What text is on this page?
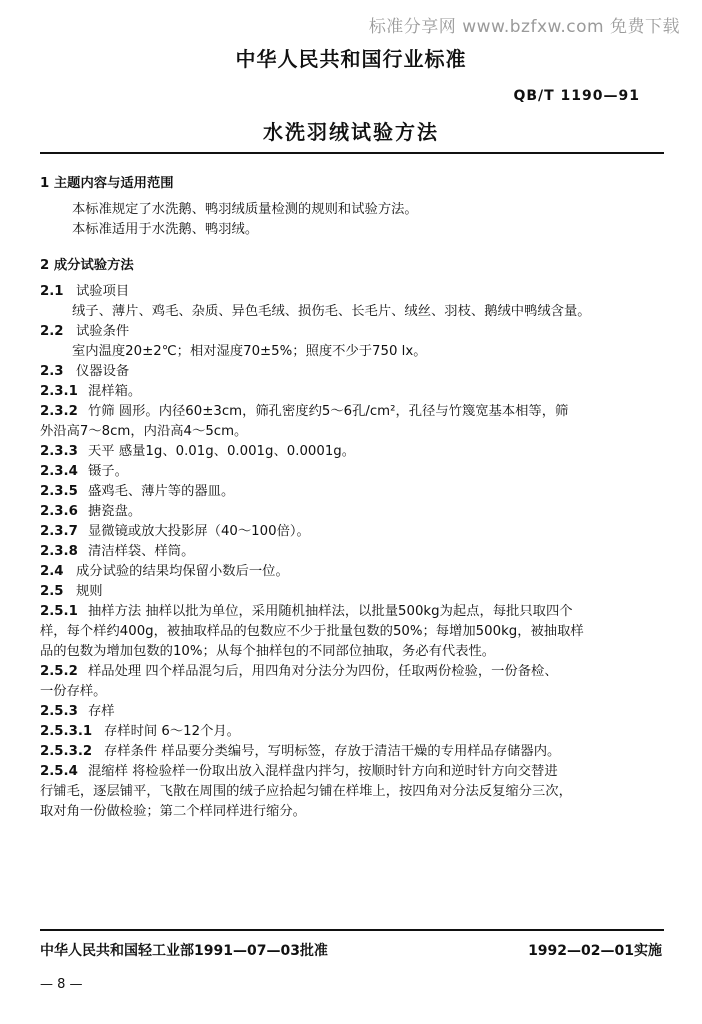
标准分享网 www.bzfxw.com 免费下载
中华人民共和国行业标准
QB/T 1190—91
水洗羽绒试验方法

1 主题内容与适用范围

本标准规定了水洗鹅、鸭羽绒质量检测的规则和试验方法。

本标准适用于水洗鹅、鸭羽绒。

2 成分试验方法

2.1 试验项目

绒子、薄片、鸡毛、杂质、异色毛绒、损伤毛、长毛片、绒丝、羽枝、鹅绒中鸭绒含量。

2.2 试验条件

室内温度20±2℃；相对湿度70±5%；照度不少于750 lx。

2.3 仪器设备

2.3.1 混样箱。

2.3.2 竹筛 圆形。内径60±3cm，筛孔密度约5～6孔/cm²，孔径与竹篾宽基本相等，筛

外沿高7～8cm，内沿高4～5cm。

2.3.3 天平 感量1g、0.01g、0.001g、0.0001g。

2.3.4 镊子。

2.3.5 盛鸡毛、薄片等的器皿。

2.3.6 搪瓷盘。

2.3.7 显微镜或放大投影屏（40～100倍）。

2.3.8 清洁样袋、样筒。

2.4 成分试验的结果均保留小数后一位。

2.5 规则

2.5.1 抽样方法 抽样以批为单位，采用随机抽样法，以批量500kg为起点，每批只取四个

样，每个样约400g，被抽取样品的包数应不少于批量包数的50%；每增加500kg，被抽取样

品的包数为增加包数的10%；从每个抽样包的不同部位抽取，务必有代表性。

2.5.2 样品处理 四个样品混匀后，用四角对分法分为四份，任取两份检验，一份备检、

一份存样。

2.5.3 存样

2.5.3.1 存样时间 6～12个月。

2.5.3.2 存样条件 样品要分类编号，写明标签，存放于清洁干燥的专用样品存储器内。

2.5.4 混缩样 将检验样一份取出放入混样盘内拌匀，按顺时针方向和逆时针方向交替进

行铺毛，逐层铺平，飞散在周围的绒子应拾起匀铺在样堆上，按四角对分法反复缩分三次，

取对角一份做检验；第二个样同样进行缩分。

中华人民共和国轻工业部1991—07—03批准	1992—02—01实施
— 8 —
